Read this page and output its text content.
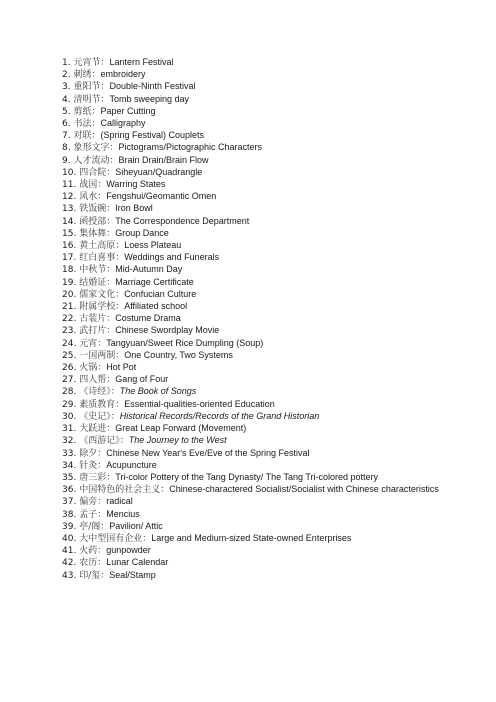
1. 元宵节：Lantern Festival
2. 刺绣：embroidery
3. 重阳节：Double-Ninth Festival
4. 清明节：Tomb sweeping day
5. 剪纸：Paper Cutting
6. 书法：Calligraphy
7. 对联：(Spring Festival) Couplets
8. 象形文字：Pictograms/Pictographic Characters
9. 人才流动：Brain Drain/Brain Flow
10. 四合院：Siheyuan/Quadrangle
11. 战国：Warring States
12. 风水：Fengshui/Geomantic Omen
13. 铁饭碗：Iron Bowl
14. 函授部：The Correspondence Department
15. 集体舞：Group Dance
16. 黄土高原：Loess Plateau
17. 红白喜事：Weddings and Funerals
18. 中秋节：Mid-Autumn Day
19. 结婚证：Marriage Certificate
20. 儒家文化：Confucian Culture
21. 附属学校：Affiliated school
22. 古装片：Costume Drama
23. 武打片：Chinese Swordplay Movie
24. 元宵：Tangyuan/Sweet Rice Dumpling (Soup)
25. 一国两制：One Country, Two Systems
26. 火锅：Hot Pot
27. 四人帮：Gang of Four
28. 《诗经》：The Book of Songs
29. 素质教育：Essential-qualities-oriented Education
30. 《史记》：Historical Records/Records of the Grand Historian
31. 大跃进：Great Leap Forward (Movement)
32. 《西游记》：The Journey to the West
33. 除夕：Chinese New Year's Eve/Eve of the Spring Festival
34. 针灸：Acupuncture
35. 唐三彩：Tri-color Pottery of the Tang Dynasty/ The Tang Tri-colored pottery
36. 中国特色的社会主义：Chinese-charactered Socialist/Socialist with Chinese characteristics
37. 偏旁：radical
38. 孟子：Mencius
39. 亭/阁：Pavilion/ Attic
40. 大中型国有企业：Large and Medium-sized State-owned Enterprises
41. 火药：gunpowder
42. 农历：Lunar Calendar
43. 印/玺：Seal/Stamp
